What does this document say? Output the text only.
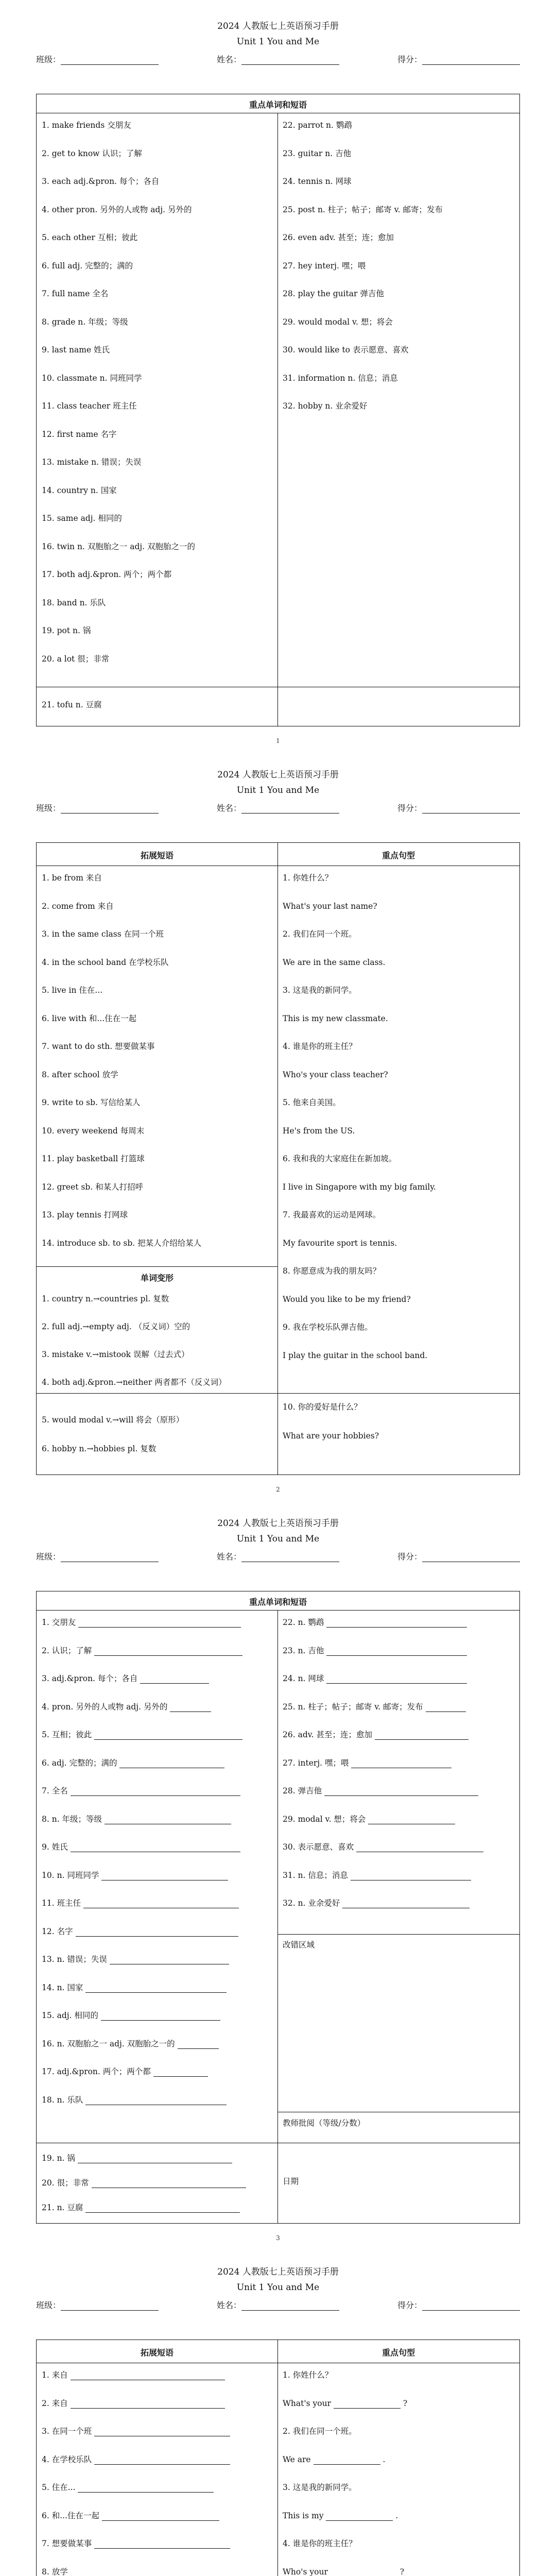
2024 人教版七上英语预习手册
Unit 1 You and Me
班级：	姓名：	得分：
重点单词和短语
1. make friends 交朋友
2. get to know 认识；了解
3. each adj.&pron. 每个；各自
4. other pron. 另外的人或物 adj. 另外的
5. each other 互相；彼此
6. full adj. 完整的；满的
7. full name 全名
8. grade n. 年级；等级
9. last name 姓氏
10. classmate n. 同班同学
11. class teacher 班主任
12. first name 名字
13. mistake n. 错误；失误
14. country n. 国家
15. same adj. 相同的
16. twin n. 双胞胎之一 adj. 双胞胎之一的
17. both adj.&pron. 两个；两个都
18. band n. 乐队
19. pot n. 锅
20. a lot 很；非常
22. parrot n. 鹦鹉
23. guitar n. 吉他
24. tennis n. 网球
25. post n. 柱子；帖子；邮寄 v. 邮寄；发布
26. even adv. 甚至；连；愈加
27. hey interj. 嘿；喂
28. play the guitar 弹吉他
29. would modal v. 想；将会
30. would like to 表示愿意、喜欢
31. information n. 信息；消息
32. hobby n. 业余爱好
21. tofu n. 豆腐
1
2024 人教版七上英语预习手册
Unit 1 You and Me
班级：	姓名：	得分：
拓展短语	重点句型
1. be from 来自
2. come from 来自
3. in the same class 在同一个班
4. in the school band 在学校乐队
5. live in 住在...
6. live with 和...住在一起
7. want to do sth. 想要做某事
8. after school 放学
9. write to sb. 写信给某人
10. every weekend 每周末
11. play basketball 打篮球
12. greet sb. 和某人打招呼
13. play tennis 打网球
14. introduce sb. to sb. 把某人介绍给某人
单词变形
1. country n.→countries pl. 复数
2. full adj.→empty adj. （反义词）空的
3. mistake v.→mistook 误解（过去式）
4. both adj.&pron.→neither 两者都不（反义词）
1. 你姓什么？
What's your last name?
2. 我们在同一个班。
We are in the same class.
3. 这是我的新同学。
This is my new classmate.
4. 谁是你的班主任？
Who's your class teacher?
5. 他来自美国。
He's from the US.
6. 我和我的大家庭住在新加坡。
I live in Singapore with my big family.
7. 我最喜欢的运动是网球。
My favourite sport is tennis.
8. 你愿意成为我的朋友吗？
Would you like to be my friend?
9. 我在学校乐队弹吉他。
I play the guitar in the school band.
5. would modal v.→will 将会（原形）
6. hobby n.→hobbies pl. 复数
10. 你的爱好是什么？
What are your hobbies?
2
2024 人教版七上英语预习手册
Unit 1 You and Me
班级：	姓名：	得分：
重点单词和短语
1. 交朋友
2. 认识；了解
3. adj.&pron. 每个；各自
4. pron. 另外的人或物 adj. 另外的
5. 互相；彼此
6. adj. 完整的；满的
7. 全名
8. n. 年级；等级
9. 姓氏
10. n. 同班同学
11. 班主任
12. 名字
13. n. 错误；失误
14. n. 国家
15. adj. 相同的
16. n. 双胞胎之一 adj. 双胞胎之一的
17. adj.&pron. 两个；两个都
18. n. 乐队
22. n. 鹦鹉
23. n. 吉他
24. n. 网球
25. n. 柱子；帖子；邮寄 v. 邮寄；发布
26. adv. 甚至；连；愈加
27. interj. 嘿；喂
28. 弹吉他
29. modal v. 想；将会
30. 表示愿意、喜欢
31. n. 信息；消息
32. n. 业余爱好
改错区域
教师批阅（等级/分数）
19. n. 锅
20. 很；非常
21. n. 豆腐
日期
3
2024 人教版七上英语预习手册
Unit 1 You and Me
班级：	姓名：	得分：
拓展短语	重点句型
1. 来自
2. 来自
3. 在同一个班
4. 在学校乐队
5. 住在...
6. 和...住在一起
7. 想要做某事
8. 放学
1. 你姓什么？
What's your	?
2. 我们在同一个班。
We are	.
3. 这是我的新同学。
This is my	.
4. 谁是你的班主任？
Who's your	?
